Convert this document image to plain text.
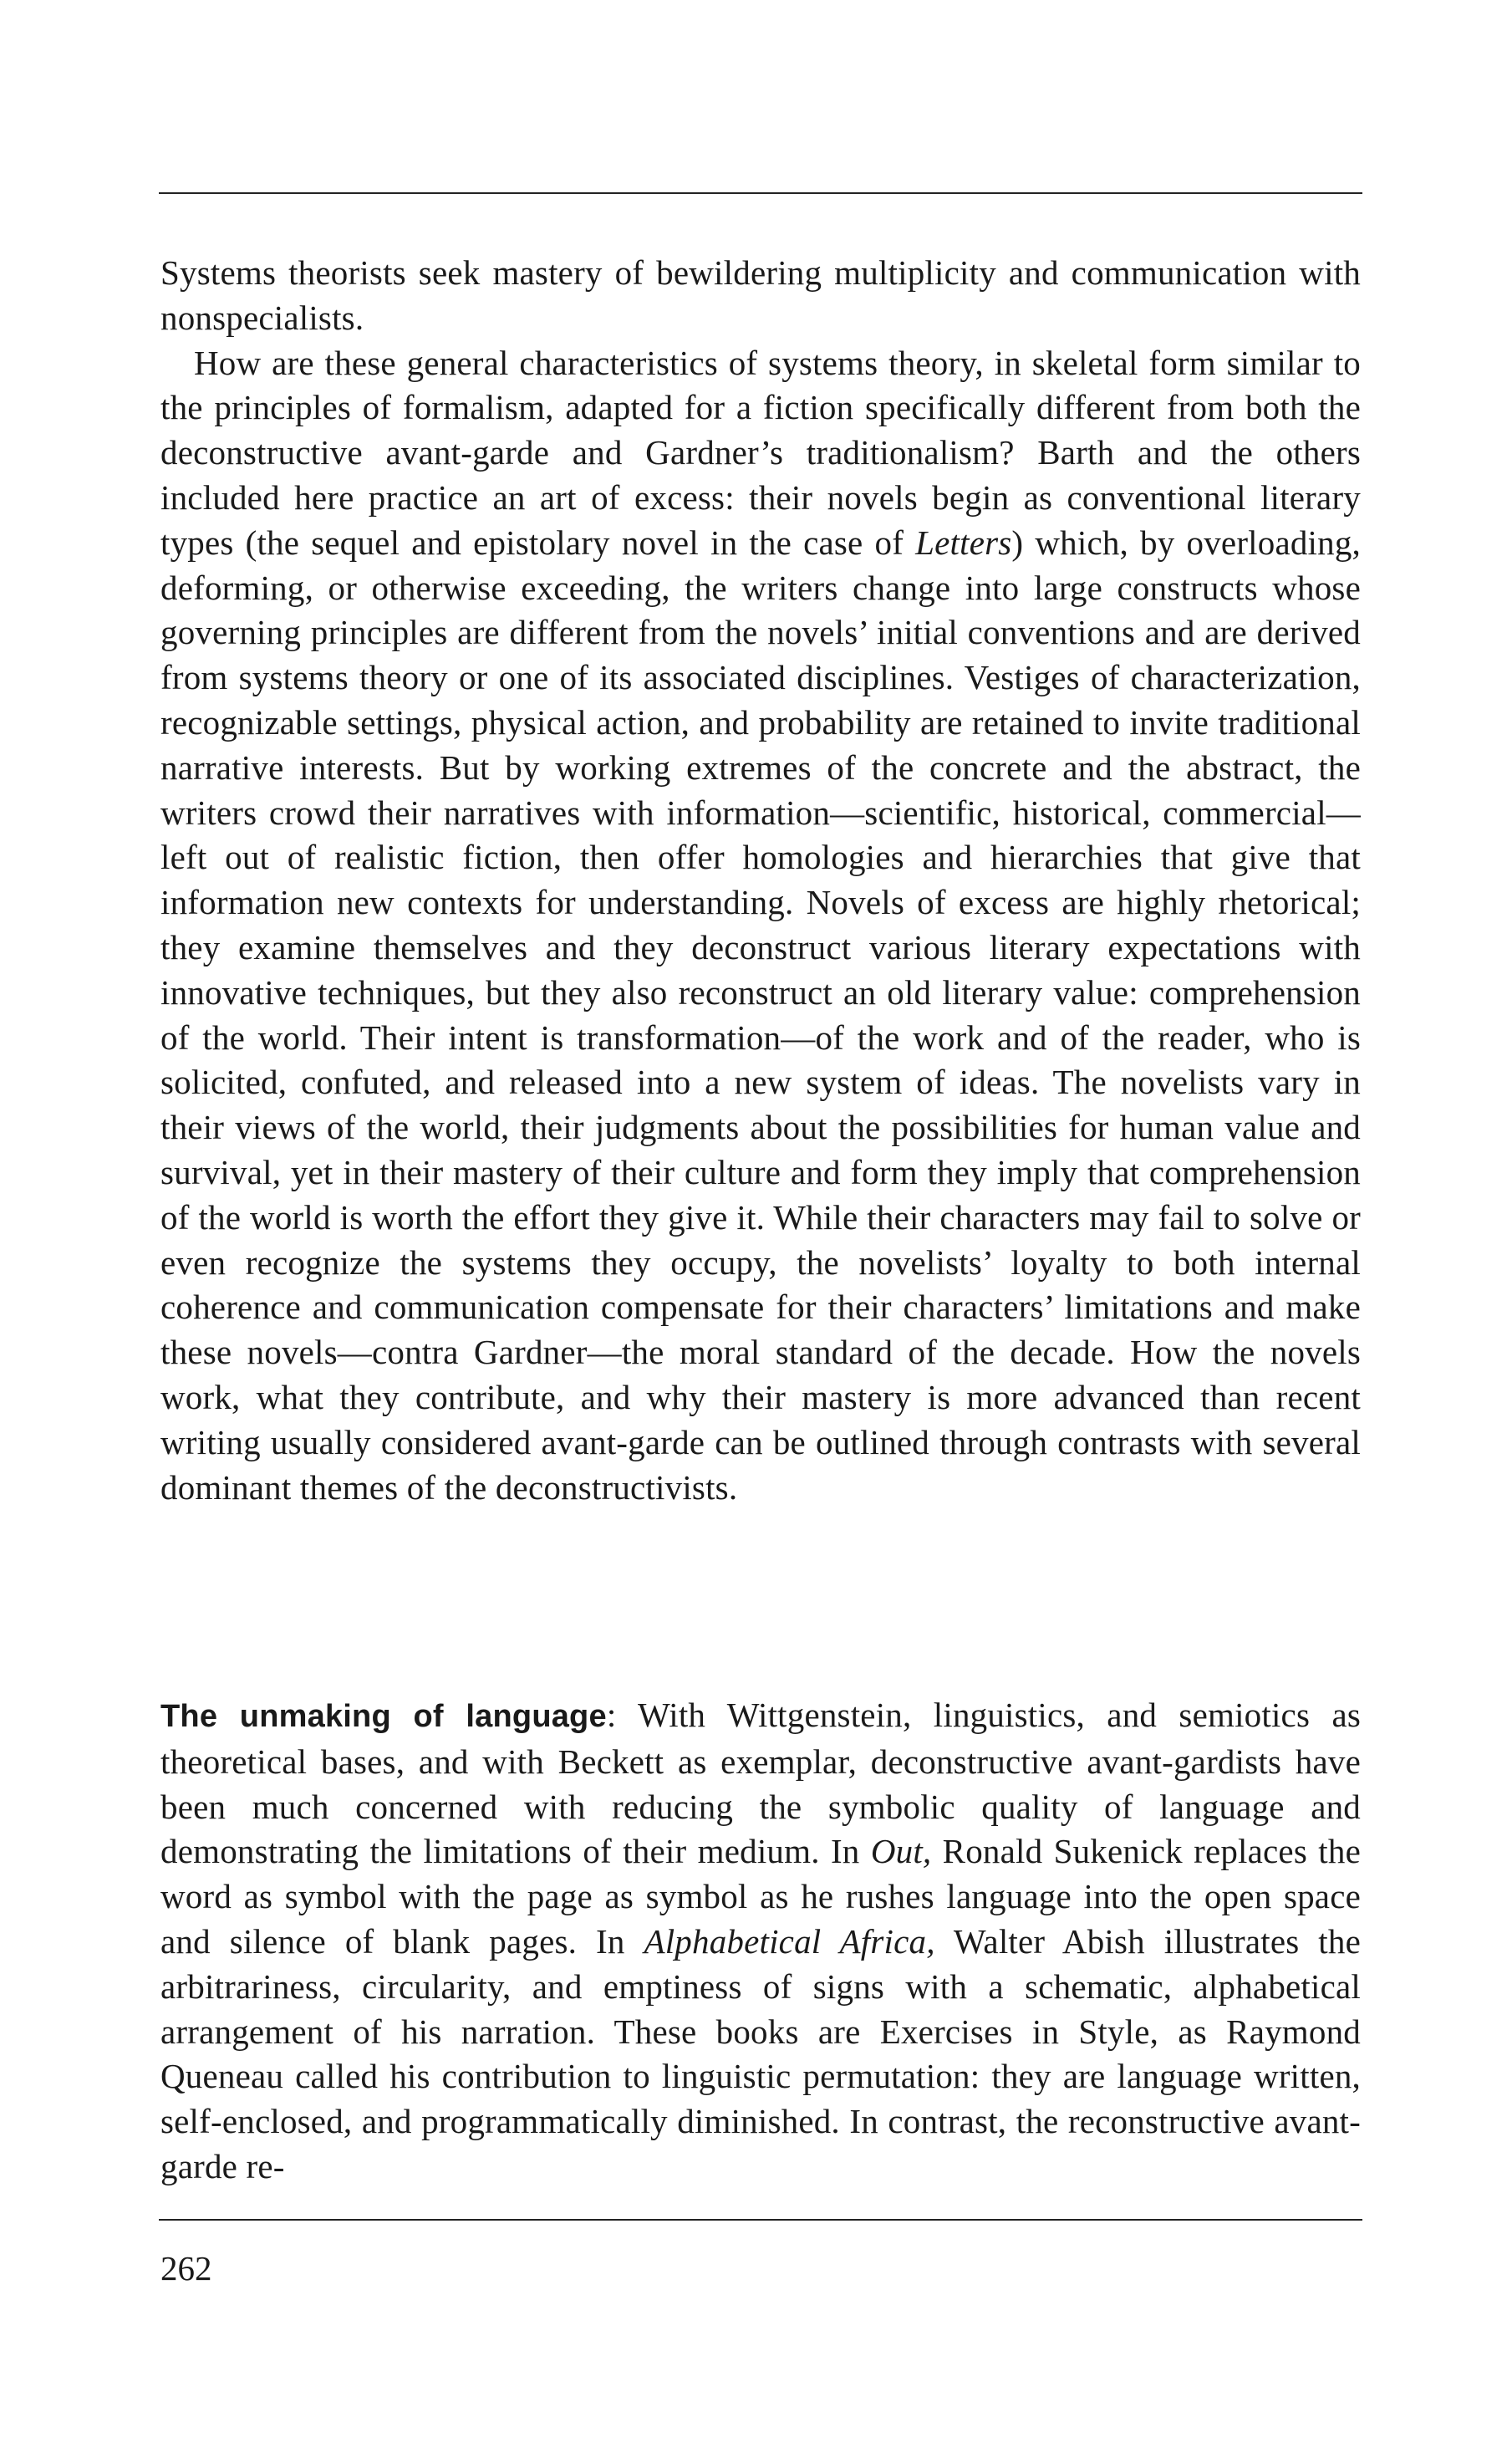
Systems theorists seek mastery of bewildering multiplicity and communication with nonspecialists.

How are these general characteristics of systems theory, in skeletal form similar to the principles of formalism, adapted for a fiction specifically different from both the deconstructive avant-garde and Gardner’s traditionalism? Barth and the others included here practice an art of excess: their novels begin as conventional literary types (the sequel and epistolary novel in the case of Letters) which, by overloading, deforming, or otherwise exceeding, the writers change into large constructs whose governing principles are different from the novels’ initial conventions and are derived from systems theory or one of its associated disciplines. Vestiges of characterization, recognizable settings, physical action, and probability are retained to invite traditional narrative interests. But by working extremes of the concrete and the abstract, the writers crowd their narratives with information—scientific, historical, commercial—left out of realistic fiction, then offer homologies and hierarchies that give that information new contexts for understanding. Novels of excess are highly rhetorical; they examine themselves and they deconstruct various literary expectations with innovative techniques, but they also reconstruct an old literary value: comprehension of the world. Their intent is transformation—of the work and of the reader, who is solicited, confuted, and released into a new system of ideas. The novelists vary in their views of the world, their judgments about the possibilities for human value and survival, yet in their mastery of their culture and form they imply that comprehension of the world is worth the effort they give it. While their characters may fail to solve or even recognize the systems they occupy, the novelists’ loyalty to both internal coherence and communication compensate for their characters’ limitations and make these novels—contra Gardner—the moral standard of the decade. How the novels work, what they contribute, and why their mastery is more advanced than recent writing usually considered avant-garde can be outlined through contrasts with several dominant themes of the deconstructivists.

The unmaking of language: With Wittgenstein, linguistics, and semiotics as theoretical bases, and with Beckett as exemplar, deconstructive avant-gardists have been much concerned with reducing the symbolic quality of language and demonstrating the limitations of their medium. In Out, Ronald Sukenick replaces the word as symbol with the page as symbol as he rushes language into the open space and silence of blank pages. In Alphabetical Africa, Walter Abish illustrates the arbitrariness, circularity, and emptiness of signs with a schematic, alphabetical arrangement of his narration. These books are Exercises in Style, as Raymond Queneau called his contribution to linguistic permutation: they are language written, self-enclosed, and programmatically diminished. In contrast, the reconstructive avant-garde re-

262
